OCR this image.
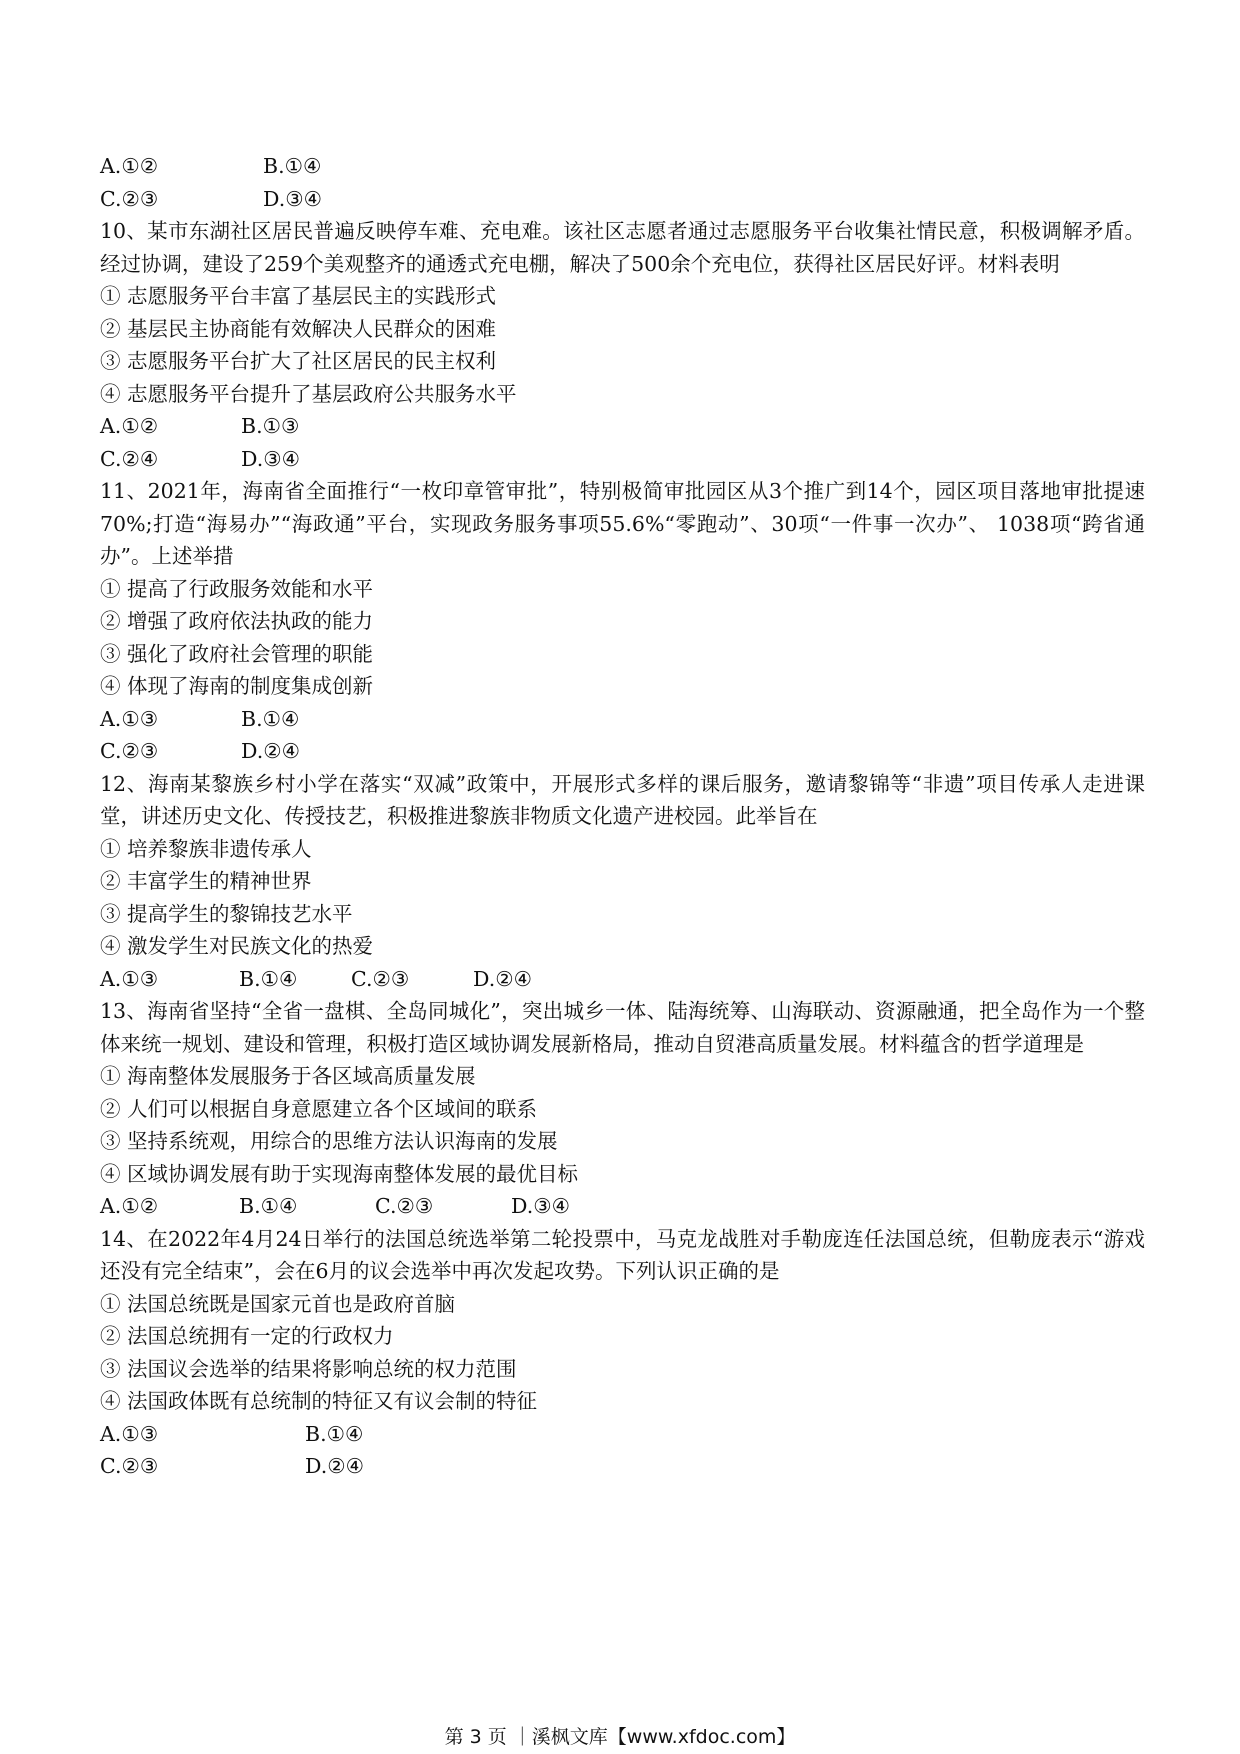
A.①②	B.①④
C.②③	D.③④
10、某市东湖社区居民普遍反映停车难、充电难。该社区志愿者通过志愿服务平台收集社情民意，积极调解矛盾。经过协调，建设了259个美观整齐的通透式充电棚，解决了500余个充电位，获得社区居民好评。材料表明
① 志愿服务平台丰富了基层民主的实践形式
② 基层民主协商能有效解决人民群众的困难
③ 志愿服务平台扩大了社区居民的民主权利
④ 志愿服务平台提升了基层政府公共服务水平
A.①②	B.①③
C.②④	D.③④
11、2021年，海南省全面推行“一枚印章管审批”，特别极简审批园区从3个推广到14个，园区项目落地审批提速70%;打造“海易办”“海政通”平台，实现政务服务事项55.6%“零跑动”、30项“一件事一次办”、 1038项“跨省通办”。上述举措
① 提高了行政服务效能和水平
② 增强了政府依法执政的能力
③ 强化了政府社会管理的职能
④ 体现了海南的制度集成创新
A.①③	B.①④
C.②③	D.②④
12、海南某黎族乡村小学在落实“双减”政策中，开展形式多样的课后服务，邀请黎锦等“非遗”项目传承人走进课堂，讲述历史文化、传授技艺，积极推进黎族非物质文化遗产进校园。此举旨在
① 培养黎族非遗传承人
② 丰富学生的精神世界
③ 提高学生的黎锦技艺水平
④ 激发学生对民族文化的热爱
A.①③	B.①④	C.②③	D.②④
13、海南省坚持“全省一盘棋、全岛同城化”，突出城乡一体、陆海统筹、山海联动、资源融通，把全岛作为一个整体来统一规划、建设和管理，积极打造区域协调发展新格局，推动自贸港高质量发展。材料蕴含的哲学道理是
① 海南整体发展服务于各区域高质量发展
② 人们可以根据自身意愿建立各个区域间的联系
③ 坚持系统观，用综合的思维方法认识海南的发展
④ 区域协调发展有助于实现海南整体发展的最优目标
A.①②	B.①④	C.②③	D.③④
14、在2022年4月24日举行的法国总统选举第二轮投票中，马克龙战胜对手勒庞连任法国总统，但勒庞表示“游戏还没有完全结束”，会在6月的议会选举中再次发起攻势。下列认识正确的是
① 法国总统既是国家元首也是政府首脑
② 法国总统拥有一定的行政权力
③ 法国议会选举的结果将影响总统的权力范围
④ 法国政体既有总统制的特征又有议会制的特征
A.①③	B.①④
C.②③	D.②④
第 3 页 ｜溪枫文库【www.xfdoc.com】
